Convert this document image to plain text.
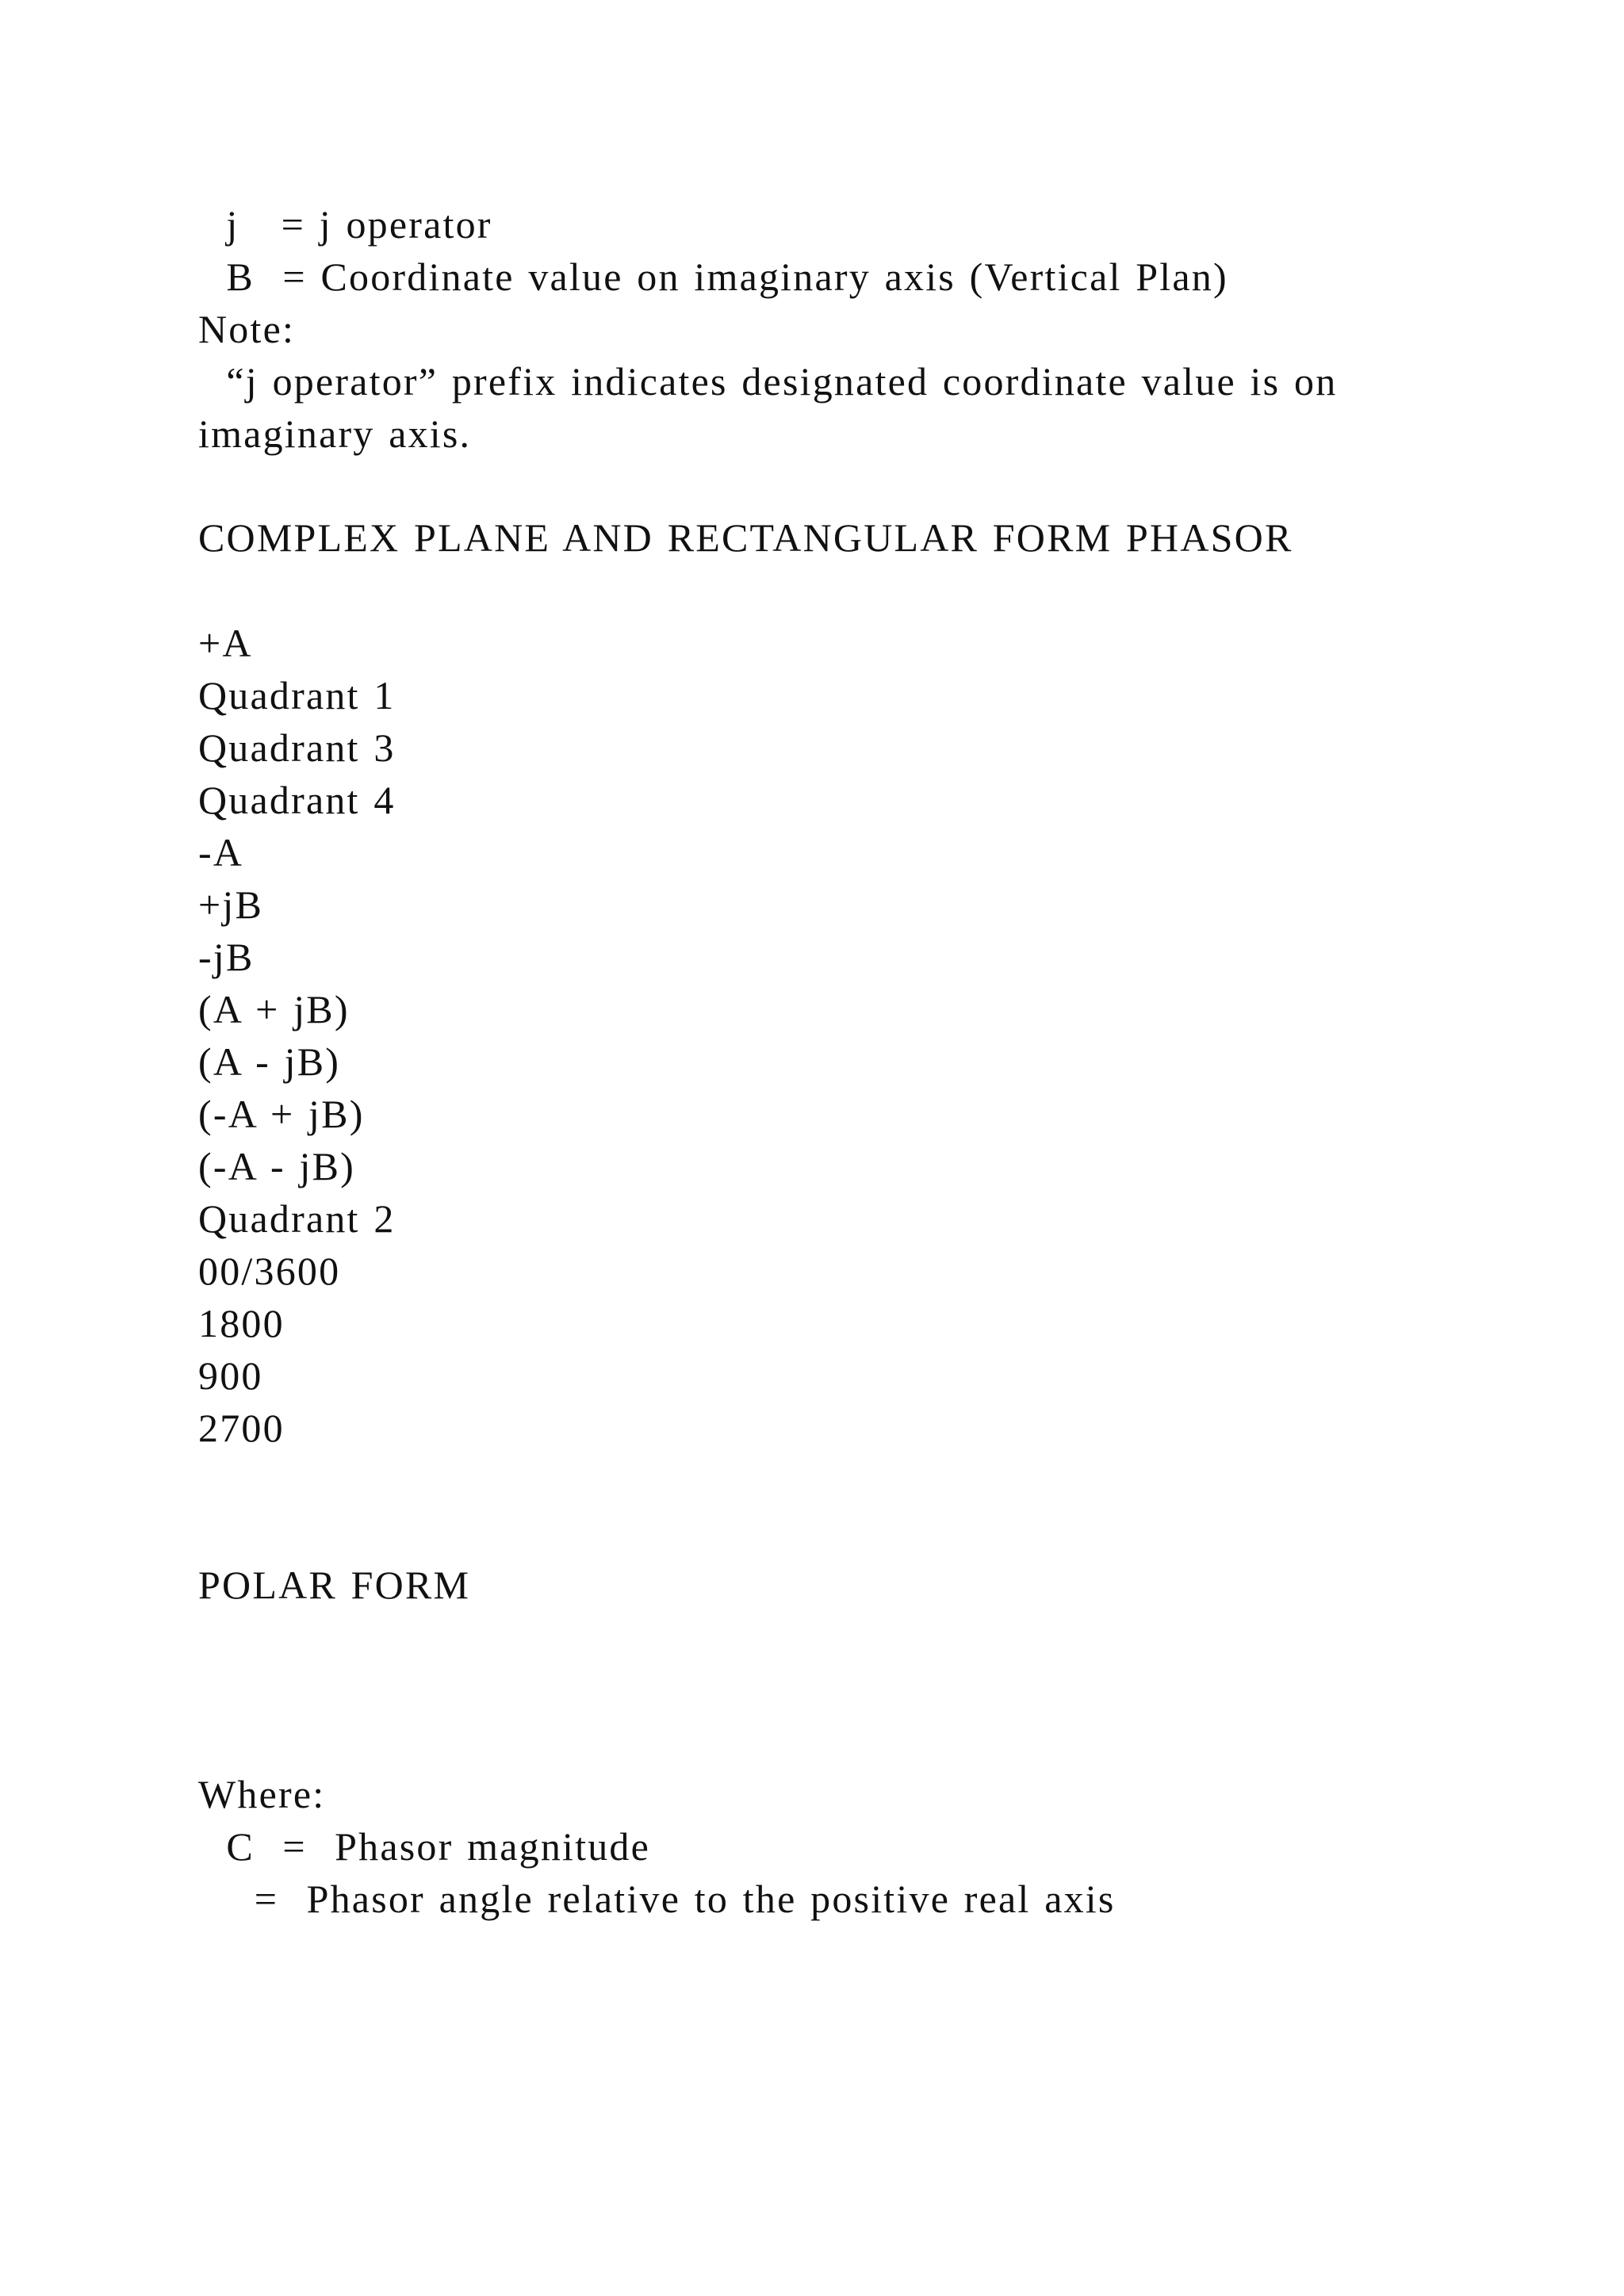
j   = j operator
B  = Coordinate value on imaginary axis (Vertical Plan)
Note:
“j operator” prefix indicates designated coordinate value is on
imaginary axis.
COMPLEX PLANE AND RECTANGULAR FORM PHASOR
+A
Quadrant 1
Quadrant 3
Quadrant 4
-A
+jB
-jB
(A + jB)
(A - jB)
(-A + jB)
(-A - jB)
Quadrant 2
00/3600
1800
900
2700
POLAR FORM
Where:
C  =  Phasor magnitude
=  Phasor angle relative to the positive real axis
